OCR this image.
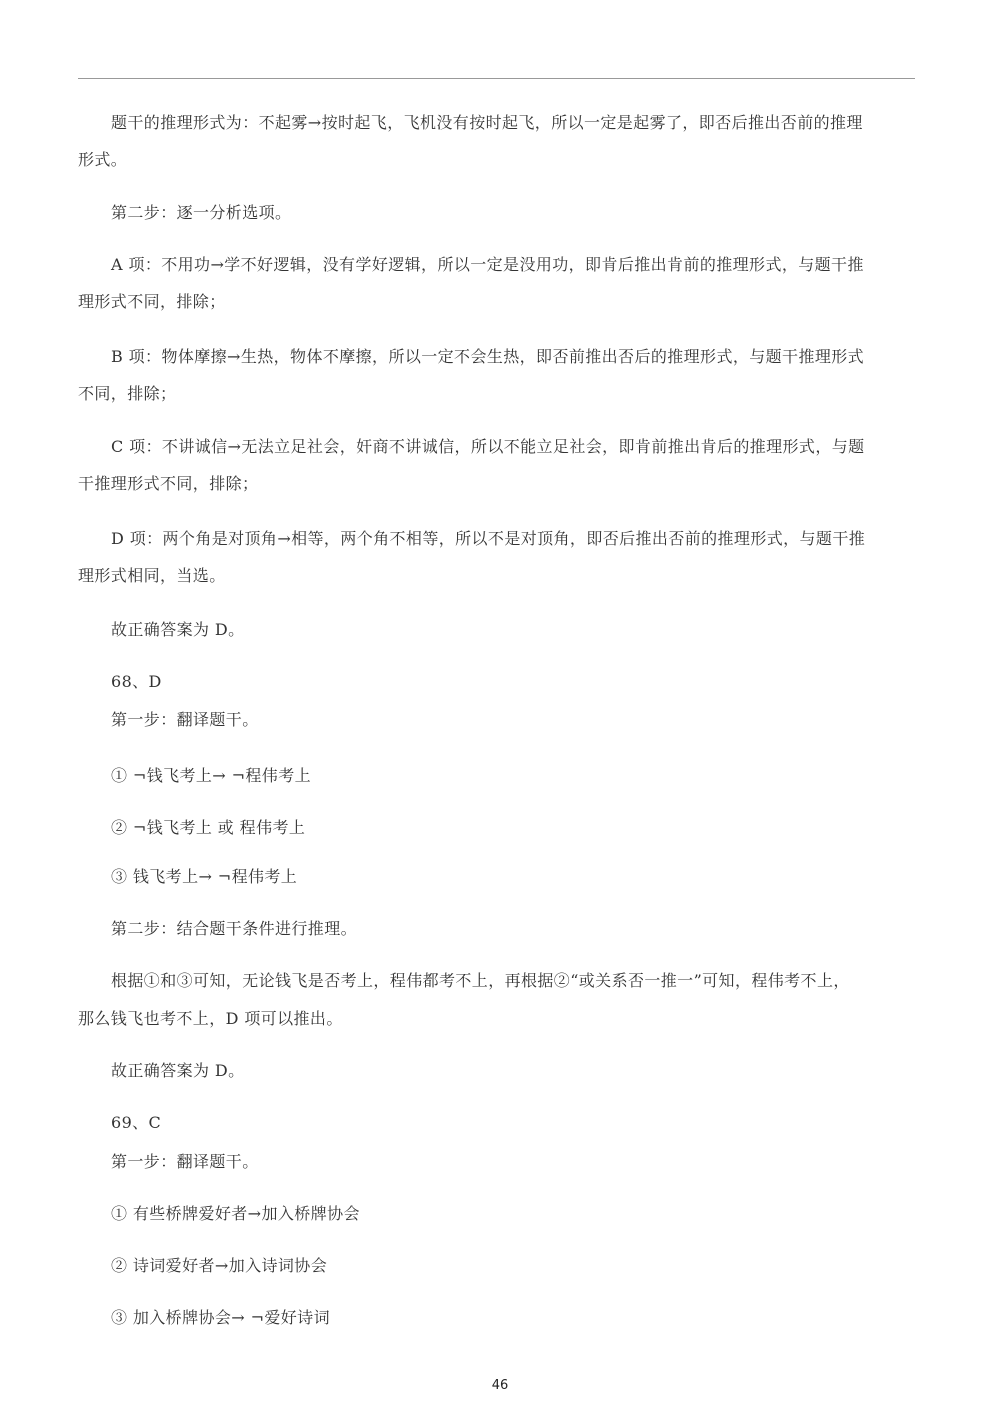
题干的推理形式为：不起雾→按时起飞，飞机没有按时起飞，所以一定是起雾了，即否后推出否前的推理
形式。
第二步：逐一分析选项。
A 项：不用功→学不好逻辑，没有学好逻辑，所以一定是没用功，即肯后推出肯前的推理形式，与题干推
理形式不同，排除；
B 项：物体摩擦→生热，物体不摩擦，所以一定不会生热，即否前推出否后的推理形式，与题干推理形式
不同，排除；
C 项：不讲诚信→无法立足社会，奸商不讲诚信，所以不能立足社会，即肯前推出肯后的推理形式，与题
干推理形式不同，排除；
D 项：两个角是对顶角→相等，两个角不相等，所以不是对顶角，即否后推出否前的推理形式，与题干推
理形式相同，当选。
故正确答案为 D。
68、D
第一步：翻译题干。
① ¬钱飞考上→ ¬程伟考上
② ¬钱飞考上 或 程伟考上
③ 钱飞考上→ ¬程伟考上
第二步：结合题干条件进行推理。
根据①和③可知，无论钱飞是否考上，程伟都考不上，再根据②“或关系否一推一”可知，程伟考不上，
那么钱飞也考不上，D 项可以推出。
故正确答案为 D。
69、C
第一步：翻译题干。
① 有些桥牌爱好者→加入桥牌协会
② 诗词爱好者→加入诗词协会
③ 加入桥牌协会→ ¬爱好诗词
46
